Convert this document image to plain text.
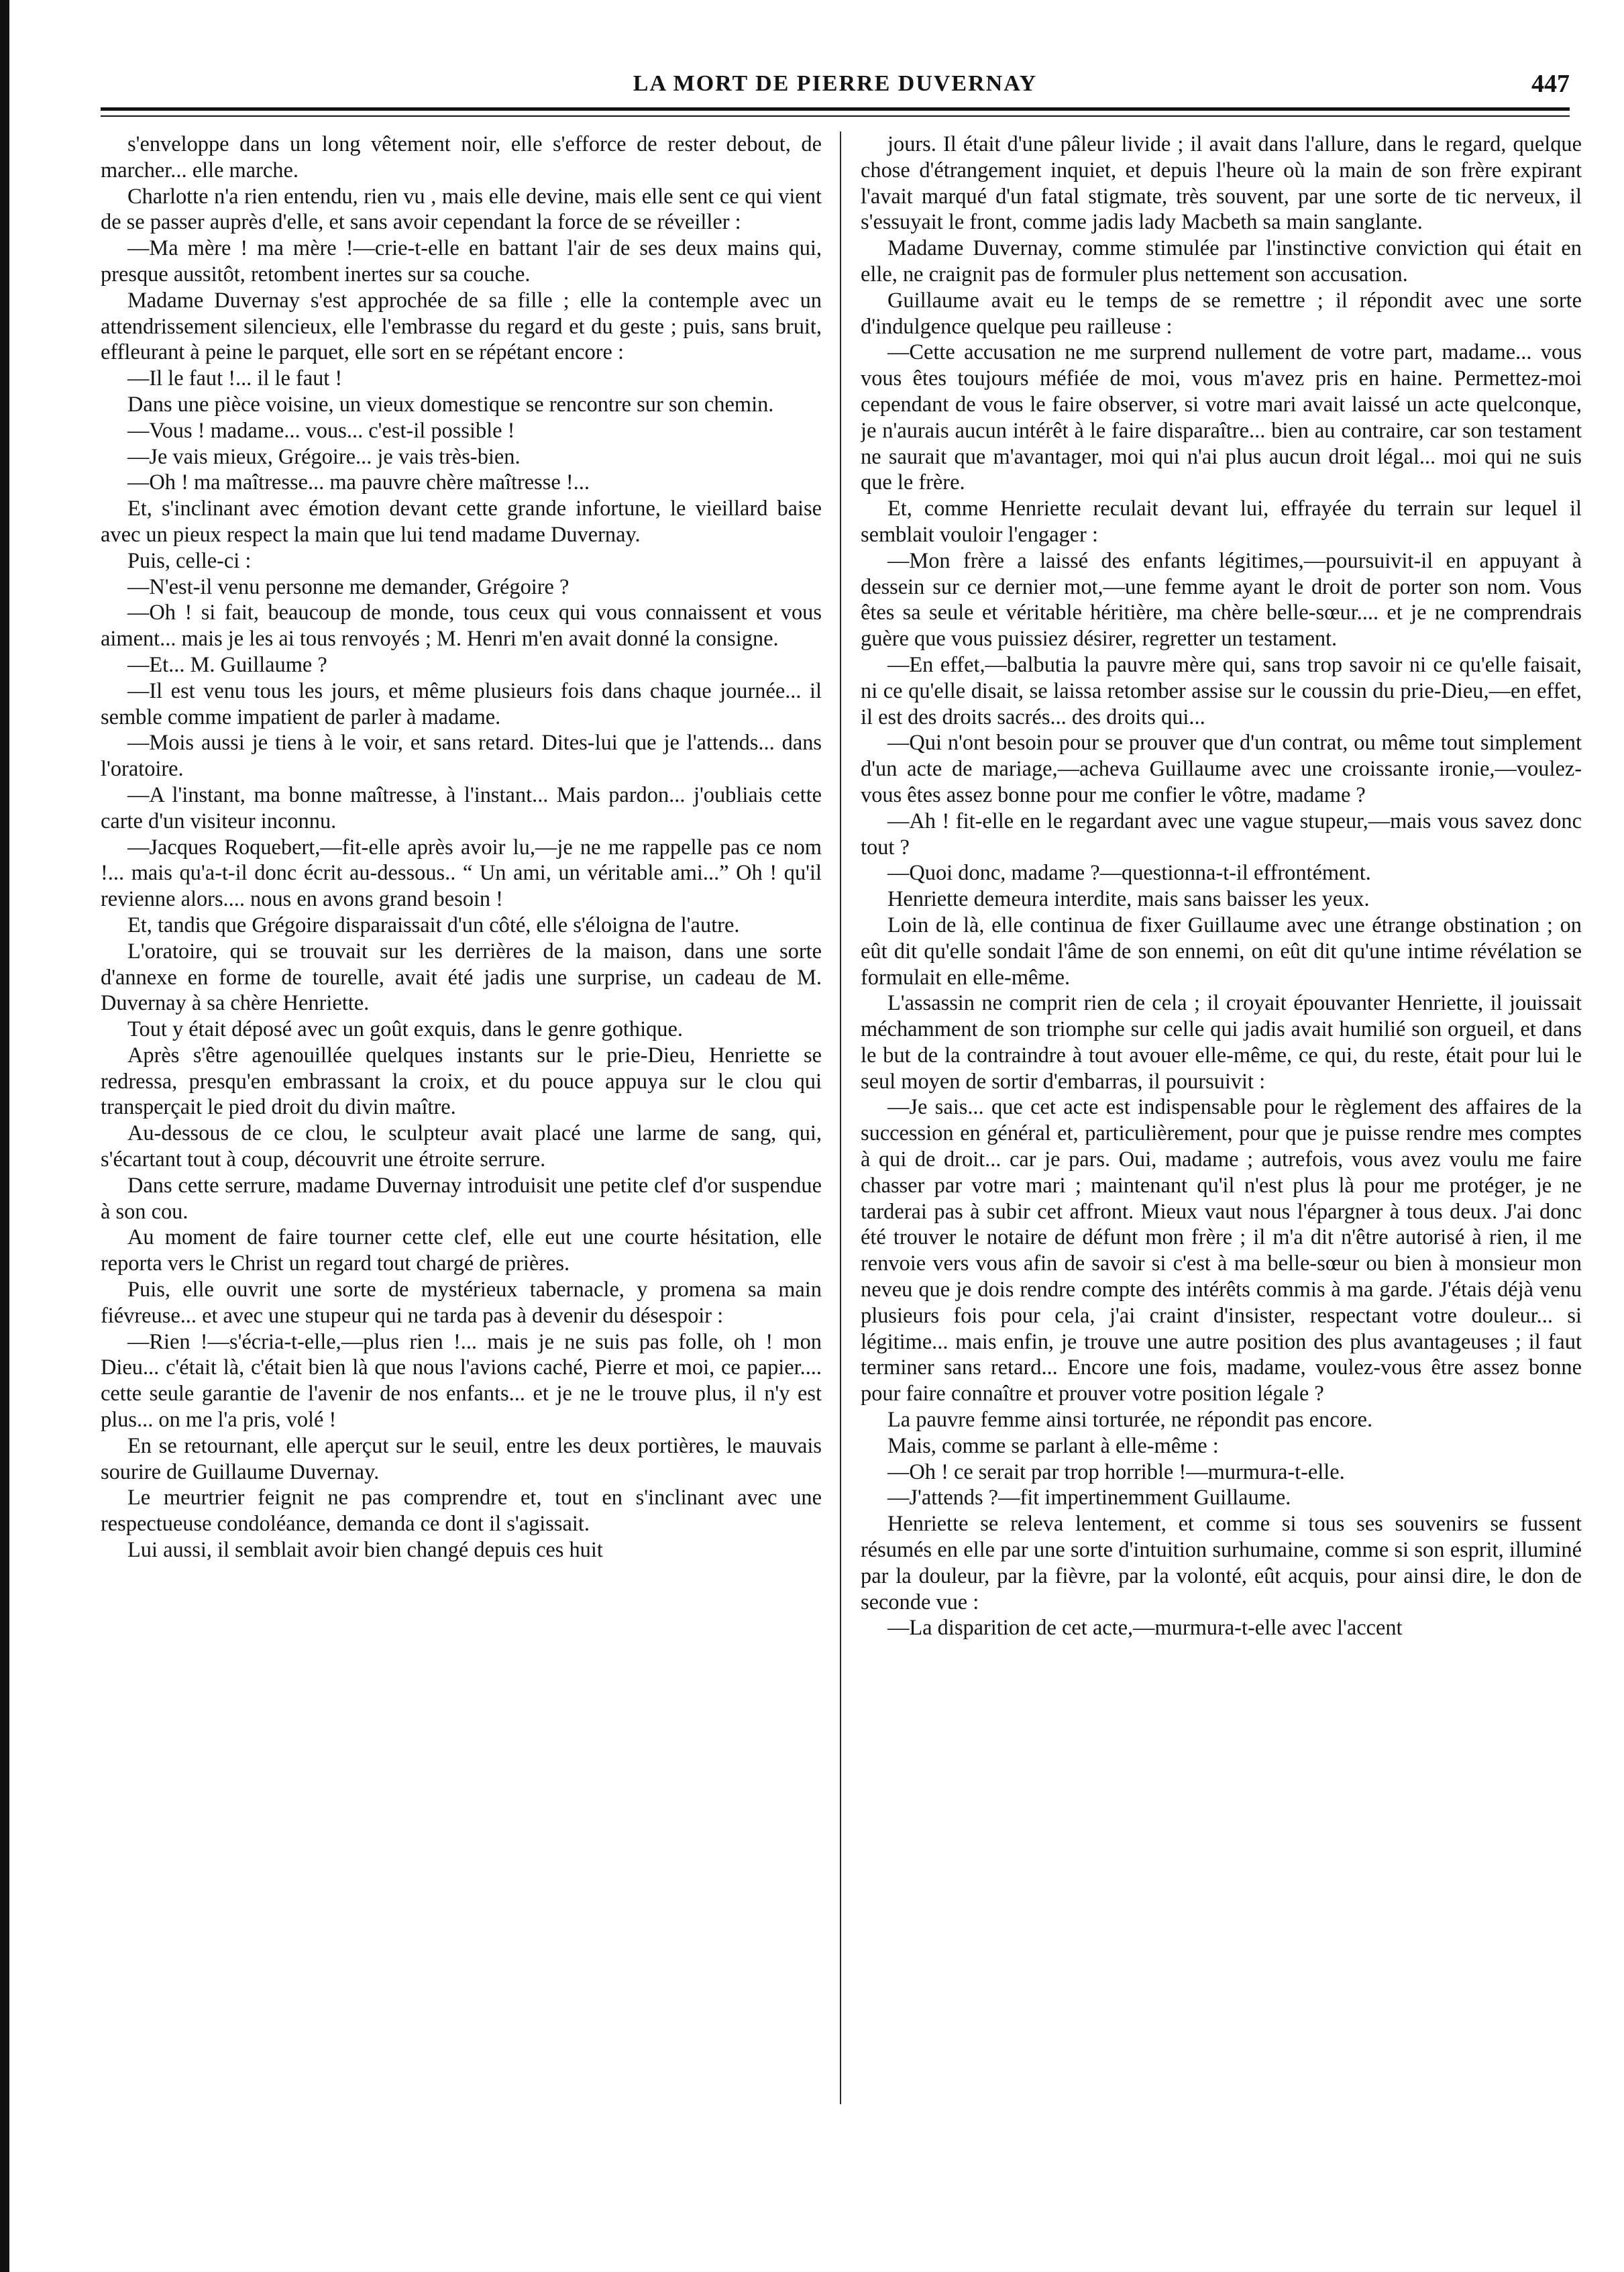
LA MORT DE PIERRE DUVERNAY	447

s'enveloppe dans un long vêtement noir, elle s'efforce de rester debout, de marcher... elle marche.

Charlotte n'a rien entendu, rien vu , mais elle devine, mais elle sent ce qui vient de se passer auprès d'elle, et sans avoir cependant la force de se réveiller :

—Ma mère ! ma mère !—crie-t-elle en battant l'air de ses deux mains qui, presque aussitôt, retombent inertes sur sa couche.

Madame Duvernay s'est approchée de sa fille ; elle la contemple avec un attendrissement silencieux, elle l'embrasse du regard et du geste ; puis, sans bruit, effleurant à peine le parquet, elle sort en se répétant encore :

—Il le faut !... il le faut !

Dans une pièce voisine, un vieux domestique se rencontre sur son chemin.

—Vous ! madame... vous... c'est-il possible !

—Je vais mieux, Grégoire... je vais très-bien.

—Oh ! ma maîtresse... ma pauvre chère maîtresse !...

Et, s'inclinant avec émotion devant cette grande infortune, le vieillard baise avec un pieux respect la main que lui tend madame Duvernay.

Puis, celle-ci :

—N'est-il venu personne me demander, Grégoire ?

—Oh ! si fait, beaucoup de monde, tous ceux qui vous connaissent et vous aiment... mais je les ai tous renvoyés ; M. Henri m'en avait donné la consigne.

—Et... M. Guillaume ?

—Il est venu tous les jours, et même plusieurs fois dans chaque journée... il semble comme impatient de parler à madame.

—Mois aussi je tiens à le voir, et sans retard. Dites-lui que je l'attends... dans l'oratoire.

—A l'instant, ma bonne maîtresse, à l'instant... Mais pardon... j'oubliais cette carte d'un visiteur inconnu.

—Jacques Roquebert,—fit-elle après avoir lu,—je ne me rappelle pas ce nom !... mais qu'a-t-il donc écrit au-dessous.. “ Un ami, un véritable ami...” Oh ! qu'il revienne alors.... nous en avons grand besoin !

Et, tandis que Grégoire disparaissait d'un côté, elle s'éloigna de l'autre.

L'oratoire, qui se trouvait sur les derrières de la maison, dans une sorte d'annexe en forme de tourelle, avait été jadis une surprise, un cadeau de M. Duvernay à sa chère Henriette.

Tout y était déposé avec un goût exquis, dans le genre gothique.

Après s'être agenouillée quelques instants sur le prie-Dieu, Henriette se redressa, presqu'en embrassant la croix, et du pouce appuya sur le clou qui transperçait le pied droit du divin maître.

Au-dessous de ce clou, le sculpteur avait placé une larme de sang, qui, s'écartant tout à coup, découvrit une étroite serrure.

Dans cette serrure, madame Duvernay introduisit une petite clef d'or suspendue à son cou.

Au moment de faire tourner cette clef, elle eut une courte hésitation, elle reporta vers le Christ un regard tout chargé de prières.

Puis, elle ouvrit une sorte de mystérieux tabernacle, y promena sa main fiévreuse... et avec une stupeur qui ne tarda pas à devenir du désespoir :

—Rien !—s'écria-t-elle,—plus rien !... mais je ne suis pas folle, oh ! mon Dieu... c'était là, c'était bien là que nous l'avions caché, Pierre et moi, ce papier.... cette seule garantie de l'avenir de nos enfants... et je ne le trouve plus, il n'y est plus... on me l'a pris, volé !

En se retournant, elle aperçut sur le seuil, entre les deux portières, le mauvais sourire de Guillaume Duvernay.

Le meurtrier feignit ne pas comprendre et, tout en s'inclinant avec une respectueuse condoléance, demanda ce dont il s'agissait.

Lui aussi, il semblait avoir bien changé depuis ces huit

jours. Il était d'une pâleur livide ; il avait dans l'allure, dans le regard, quelque chose d'étrangement inquiet, et depuis l'heure où la main de son frère expirant l'avait marqué d'un fatal stigmate, très souvent, par une sorte de tic nerveux, il s'essuyait le front, comme jadis lady Macbeth sa main sanglante.

Madame Duvernay, comme stimulée par l'instinctive conviction qui était en elle, ne craignit pas de formuler plus nettement son accusation.

Guillaume avait eu le temps de se remettre ; il répondit avec une sorte d'indulgence quelque peu railleuse :

—Cette accusation ne me surprend nullement de votre part, madame... vous vous êtes toujours méfiée de moi, vous m'avez pris en haine. Permettez-moi cependant de vous le faire observer, si votre mari avait laissé un acte quelconque, je n'aurais aucun intérêt à le faire disparaître... bien au contraire, car son testament ne saurait que m'avantager, moi qui n'ai plus aucun droit légal... moi qui ne suis que le frère.

Et, comme Henriette reculait devant lui, effrayée du terrain sur lequel il semblait vouloir l'engager :

—Mon frère a laissé des enfants légitimes,—poursuivit-il en appuyant à dessein sur ce dernier mot,—une femme ayant le droit de porter son nom. Vous êtes sa seule et véritable héritière, ma chère belle-sœur.... et je ne comprendrais guère que vous puissiez désirer, regretter un testament.

—En effet,—balbutia la pauvre mère qui, sans trop savoir ni ce qu'elle faisait, ni ce qu'elle disait, se laissa retomber assise sur le coussin du prie-Dieu,—en effet, il est des droits sacrés... des droits qui...

—Qui n'ont besoin pour se prouver que d'un contrat, ou même tout simplement d'un acte de mariage,—acheva Guillaume avec une croissante ironie,—voulez-vous êtes assez bonne pour me confier le vôtre, madame ?

—Ah ! fit-elle en le regardant avec une vague stupeur,—mais vous savez donc tout ?

—Quoi donc, madame ?—questionna-t-il effrontément.

Henriette demeura interdite, mais sans baisser les yeux.

Loin de là, elle continua de fixer Guillaume avec une étrange obstination ; on eût dit qu'elle sondait l'âme de son ennemi, on eût dit qu'une intime révélation se formulait en elle-même.

L'assassin ne comprit rien de cela ; il croyait épouvanter Henriette, il jouissait méchamment de son triomphe sur celle qui jadis avait humilié son orgueil, et dans le but de la contraindre à tout avouer elle-même, ce qui, du reste, était pour lui le seul moyen de sortir d'embarras, il poursuivit :

—Je sais... que cet acte est indispensable pour le règlement des affaires de la succession en général et, particulièrement, pour que je puisse rendre mes comptes à qui de droit... car je pars. Oui, madame ; autrefois, vous avez voulu me faire chasser par votre mari ; maintenant qu'il n'est plus là pour me protéger, je ne tarderai pas à subir cet affront. Mieux vaut nous l'épargner à tous deux. J'ai donc été trouver le notaire de défunt mon frère ; il m'a dit n'être autorisé à rien, il me renvoie vers vous afin de savoir si c'est à ma belle-sœur ou bien à monsieur mon neveu que je dois rendre compte des intérêts commis à ma garde. J'étais déjà venu plusieurs fois pour cela, j'ai craint d'insister, respectant votre douleur... si légitime... mais enfin, je trouve une autre position des plus avantageuses ; il faut terminer sans retard... Encore une fois, madame, voulez-vous être assez bonne pour faire connaître et prouver votre position légale ?

La pauvre femme ainsi torturée, ne répondit pas encore.

Mais, comme se parlant à elle-même :

—Oh ! ce serait par trop horrible !—murmura-t-elle.

—J'attends ?—fit impertinemment Guillaume.

Henriette se releva lentement, et comme si tous ses souvenirs se fussent résumés en elle par une sorte d'intuition surhumaine, comme si son esprit, illuminé par la douleur, par la fièvre, par la volonté, eût acquis, pour ainsi dire, le don de seconde vue :

—La disparition de cet acte,—murmura-t-elle avec l'accent
